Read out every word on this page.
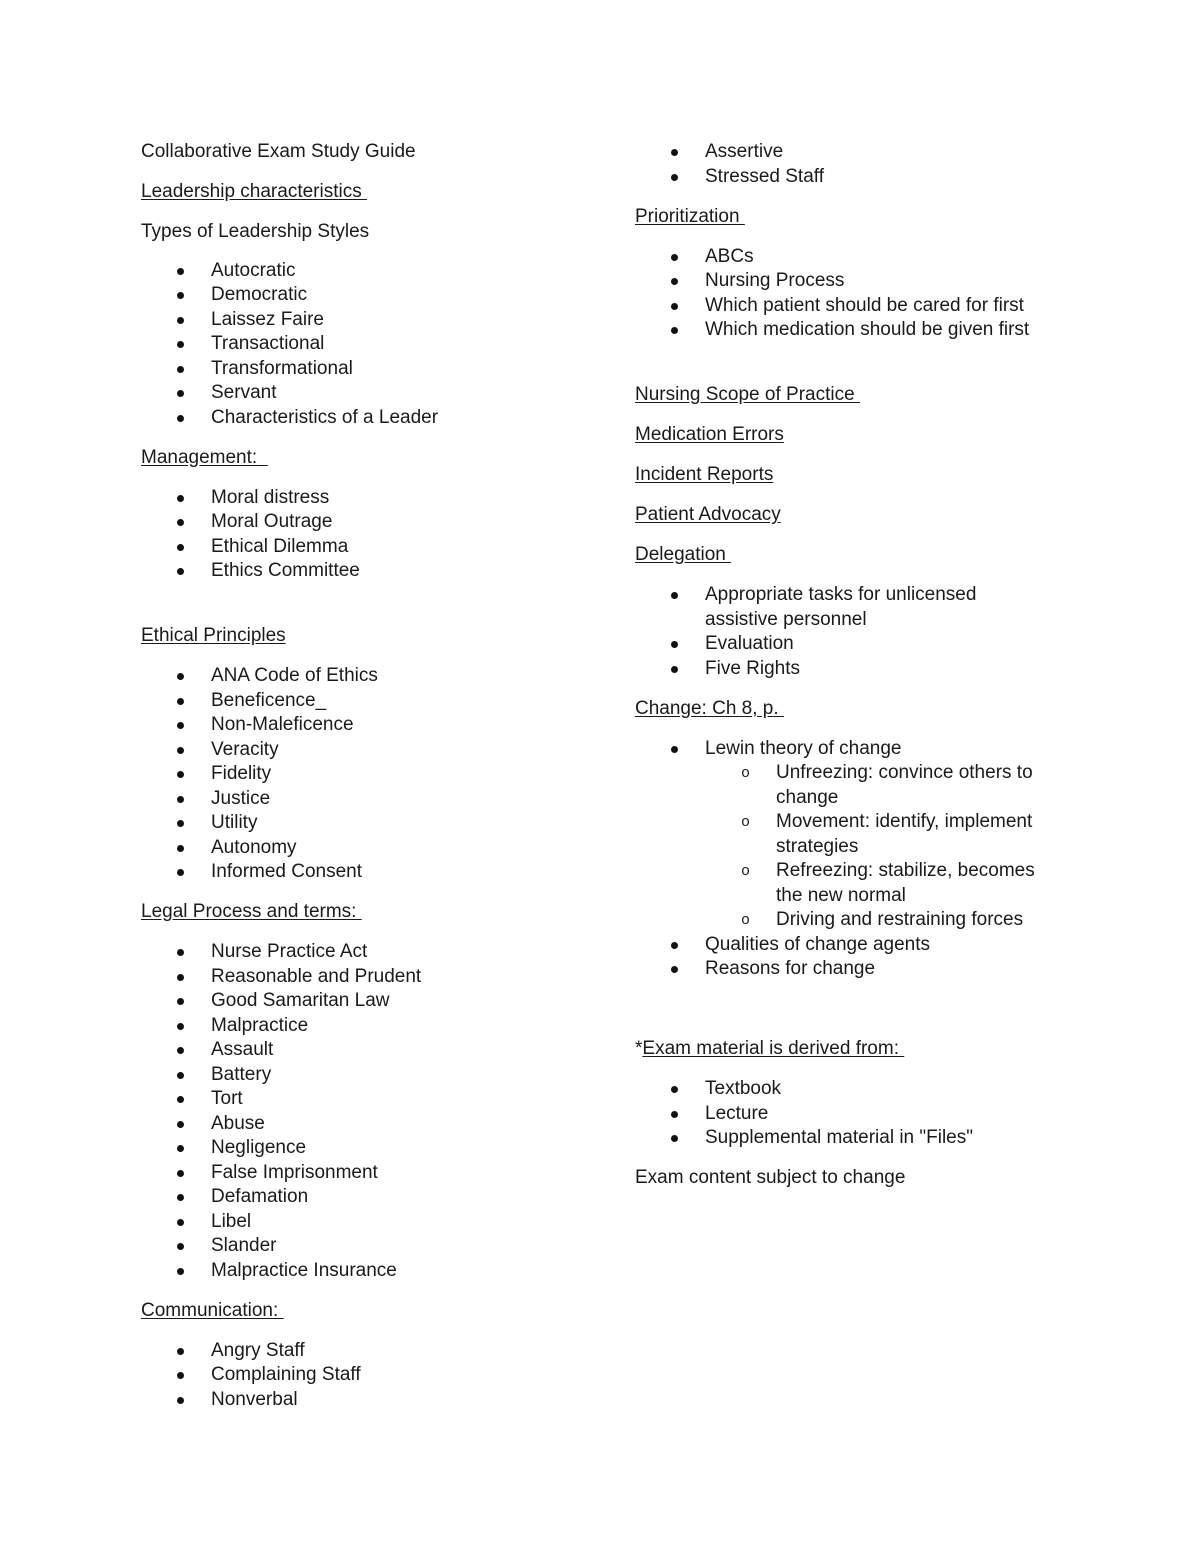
Collaborative Exam Study Guide

Leadership characteristics

Types of Leadership Styles

Autocratic
Democratic
Laissez Faire
Transactional
Transformational
Servant
Characteristics of a Leader

Management:

Moral distress
Moral Outrage
Ethical Dilemma
Ethics Committee

Ethical Principles

ANA Code of Ethics
Beneficence_
Non-Maleficence
Veracity
Fidelity
Justice
Utility
Autonomy
Informed Consent

Legal Process and terms:

Nurse Practice Act
Reasonable and Prudent
Good Samaritan Law
Malpractice
Assault
Battery
Tort
Abuse
Negligence
False Imprisonment
Defamation
Libel
Slander
Malpractice Insurance

Communication:

Angry Staff
Complaining Staff
Nonverbal
Assertive
Stressed Staff

Prioritization

ABCs
Nursing Process
Which patient should be cared for first
Which medication should be given first

Nursing Scope of Practice

Medication Errors

Incident Reports

Patient Advocacy

Delegation

Appropriate tasks for unlicensed assistive personnel
Evaluation
Five Rights

Change: Ch 8, p.

Lewin theory of change
o Unfreezing: convince others to change
o Movement: identify, implement strategies
o Refreezing: stabilize, becomes the new normal
o Driving and restraining forces
Qualities of change agents
Reasons for change

*Exam material is derived from:

Textbook
Lecture
Supplemental material in "Files"

Exam content subject to change
